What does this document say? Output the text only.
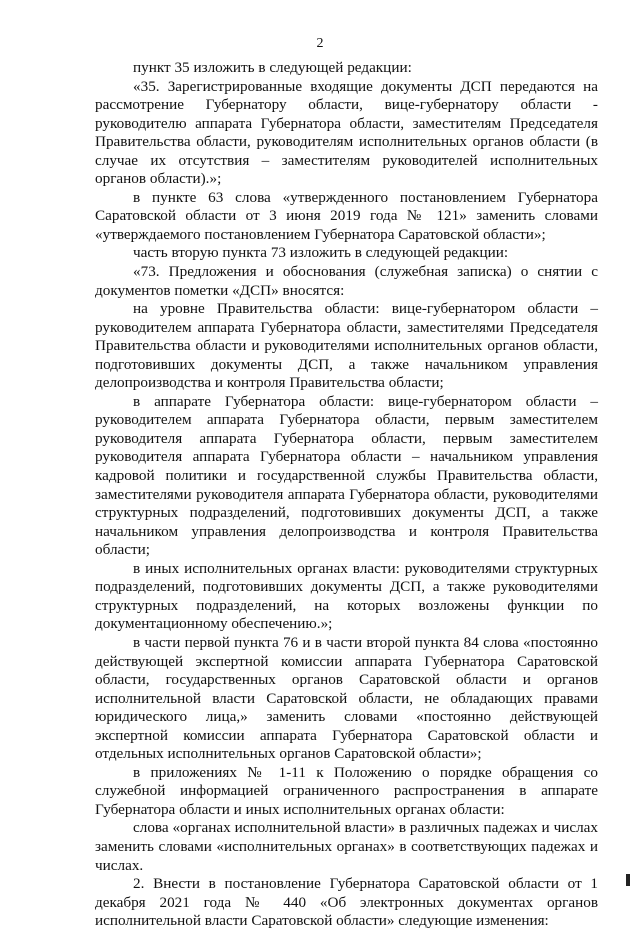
2

пункт 35 изложить в следующей редакции:

«35. Зарегистрированные входящие документы ДСП передаются на рассмотрение Губернатору области, вице-губернатору области - руководителю аппарата Губернатора области, заместителям Председателя Правительства области, руководителям исполнительных органов области (в случае их отсутствия – заместителям руководителей исполнительных органов области).»;

в пункте 63 слова «утвержденного постановлением Губернатора Саратовской области от 3 июня 2019 года № 121» заменить словами «утверждаемого постановлением Губернатора Саратовской области»;

часть вторую пункта 73 изложить в следующей редакции:

«73. Предложения и обоснования (служебная записка) о снятии с документов пометки «ДСП» вносятся:

на уровне Правительства области: вице-губернатором области – руководителем аппарата Губернатора области, заместителями Председателя Правительства области и руководителями исполнительных органов области, подготовивших документы ДСП, а также начальником управления делопроизводства и контроля Правительства области;

в аппарате Губернатора области: вице-губернатором области – руководителем аппарата Губернатора области, первым заместителем руководителя аппарата Губернатора области, первым заместителем руководителя аппарата Губернатора области – начальником управления кадровой политики и государственной службы Правительства области, заместителями руководителя аппарата Губернатора области, руководителями структурных подразделений, подготовивших документы ДСП, а также начальником управления делопроизводства и контроля Правительства области;

в иных исполнительных органах власти: руководителями структурных подразделений, подготовивших документы ДСП, а также руководителями структурных подразделений, на которых возложены функции по документационному обеспечению.»;

в части первой пункта 76 и в части второй пункта 84 слова «постоянно действующей экспертной комиссии аппарата Губернатора Саратовской области, государственных органов Саратовской области и органов исполнительной власти Саратовской области, не обладающих правами юридического лица,» заменить словами «постоянно действующей экспертной комиссии аппарата Губернатора Саратовской области и отдельных исполнительных органов Саратовской области»;

в приложениях № 1-11 к Положению о порядке обращения со служебной информацией ограниченного распространения в аппарате Губернатора области и иных исполнительных органах области:

слова «органах исполнительной власти» в различных падежах и числах заменить словами «исполнительных органах» в соответствующих падежах и числах.

2. Внести в постановление Губернатора Саратовской области от 1 декабря 2021 года № 440 «Об электронных документах органов исполнительной власти Саратовской области» следующие изменения:
